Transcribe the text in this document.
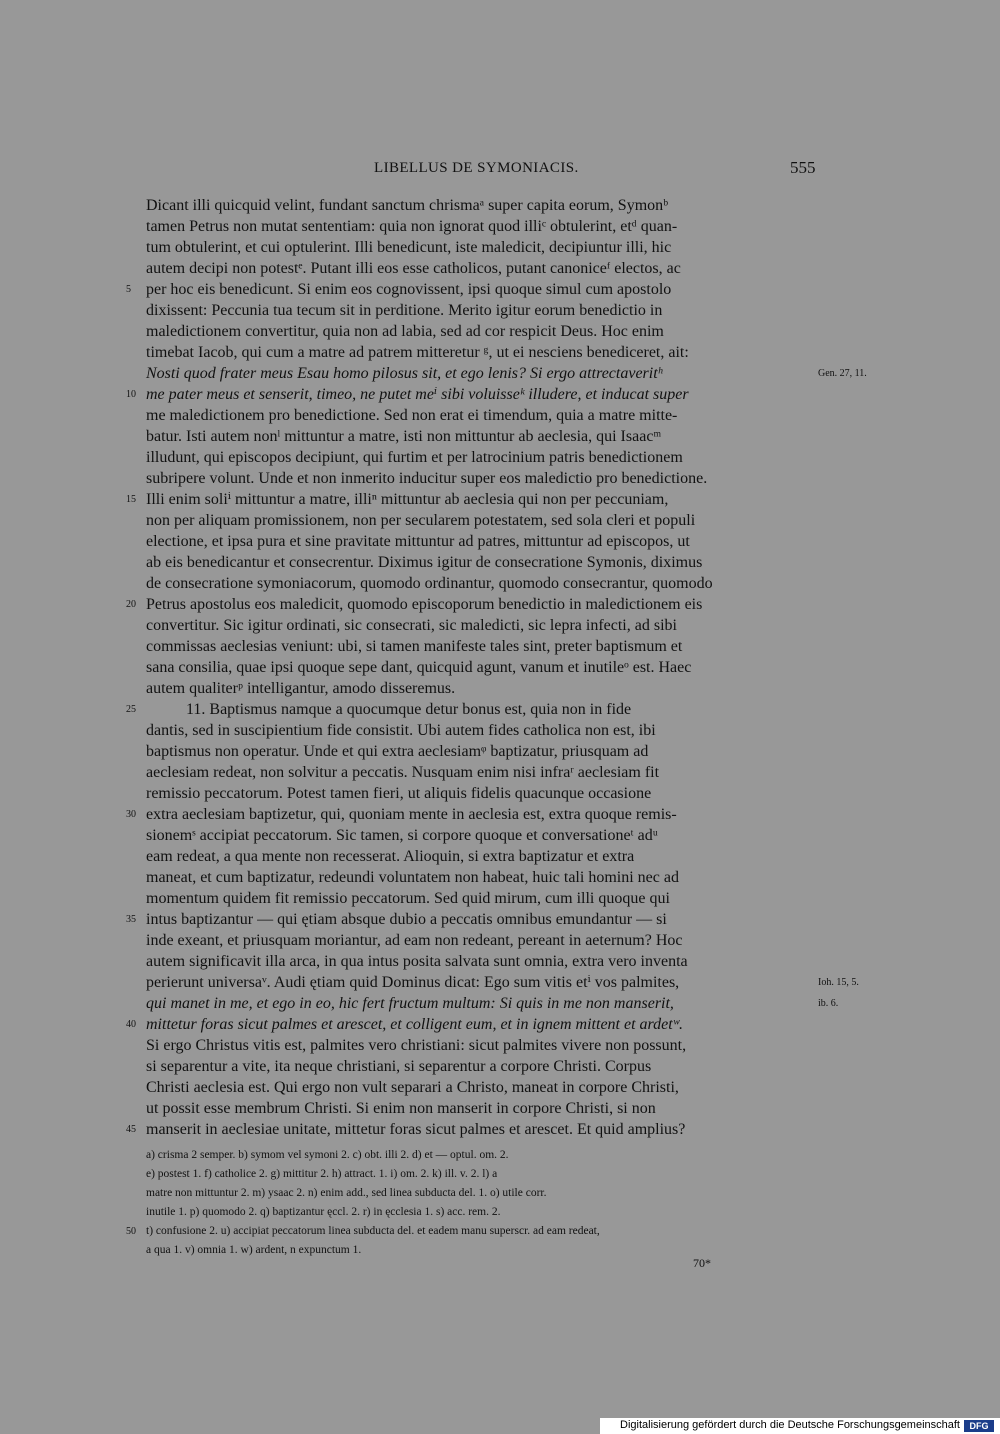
LIBELLUS DE SYMONIACIS.	555
Dicant illi quicquid velint, fundant sanctum chrismaᵃ super capita eorum, Symonᵇ
tamen Petrus non mutat sententiam: quia non ignorat quod illiᶜ obtulerint, etᵈ quan-
tum obtulerint, et cui optulerint. Illi benedicunt, iste maledicit, decipiuntur illi, hic
autem decipi non potestᵉ. Putant illi eos esse catholicos, putant canoniceᶠ electos, ac
per hoc eis benedicunt. Si enim eos cognovissent, ipsi quoque simul cum apostolo
dixissent: Peccunia tua tecum sit in perditione. Merito igitur eorum benedictio in
maledictionem convertitur, quia non ad labia, sed ad cor respicit Deus. Hoc enim
timebat Iacob, qui cum a matre ad patrem mitteretur ᵍ, ut ei nesciens benediceret, ait:
Nosti quod frater meus Esau homo pilosus sit, et ego lenis? Si ergo attrectaveritʰ
me pater meus et senserit, timeo, ne putet meⁱ sibi voluisseᵏ illudere, et inducat super
me maledictionem pro benedictione. Sed non erat ei timendum, quia a matre mitte-
batur. Isti autem nonˡ mittuntur a matre, isti non mittuntur ab aeclesia, qui Isaacᵐ
illudunt, qui episcopos decipiunt, qui furtim et per latrocinium patris benedictionem
subripere volunt. Unde et non inmerito inducitur super eos maledictio pro benedictione.
Illi enim soliⁱ mittuntur a matre, illiⁿ mittuntur ab aeclesia qui non per peccuniam,
non per aliquam promissionem, non per secularem potestatem, sed sola cleri et populi
electione, et ipsa pura et sine pravitate mittuntur ad patres, mittuntur ad episcopos, ut
ab eis benedicantur et consecrentur. Diximus igitur de consecratione Symonis, diximus
de consecratione symoniacorum, quomodo ordinantur, quomodo consecrantur, quomodo
Petrus apostolus eos maledicit, quomodo episcoporum benedictio in maledictionem eis
convertitur. Sic igitur ordinati, sic consecrati, sic maledicti, sic lepra infecti, ad sibi
commissas aeclesias veniunt: ubi, si tamen manifeste tales sint, preter baptismum et
sana consilia, quae ipsi quoque sepe dant, quicquid agunt, vanum et inutileᵒ est. Haec
autem qualiterᵖ intelligantur, amodo disseremus.
11. Baptismus namque a quocumque detur bonus est, quia non in fide
dantis, sed in suscipientium fide consistit. Ubi autem fides catholica non est, ibi
baptismus non operatur. Unde et qui extra aeclesiamᵠ baptizatur, priusquam ad
aeclesiam redeat, non solvitur a peccatis. Nusquam enim nisi infraʳ aeclesiam fit
remissio peccatorum. Potest tamen fieri, ut aliquis fidelis quacunque occasione
extra aeclesiam baptizetur, qui, quoniam mente in aeclesia est, extra quoque remis-
sionemˢ accipiat peccatorum. Sic tamen, si corpore quoque et conversationeᵗ adᵘ
eam redeat, a qua mente non recesserat. Alioquin, si extra baptizatur et extra
maneat, et cum baptizatur, redeundi voluntatem non habeat, huic tali homini nec ad
momentum quidem fit remissio peccatorum. Sed quid mirum, cum illi quoque qui
intus baptizantur — qui ętiam absque dubio a peccatis omnibus emundantur — si
inde exeant, et priusquam moriantur, ad eam non redeant, pereant in aeternum? Hoc
autem significavit illa arca, in qua intus posita salvata sunt omnia, extra vero inventa
perierunt universaᵛ. Audi ętiam quid Dominus dicat: Ego sum vitis etⁱ vos palmites,
qui manet in me, et ego in eo, hic fert fructum multum: Si quis in me non manserit,
mittetur foras sicut palmes et arescet, et colligent eum, et in ignem mittent et ardetʷ.
Si ergo Christus vitis est, palmites vero christiani: sicut palmites vivere non possunt,
si separentur a vite, ita neque christiani, si separentur a corpore Christi. Corpus
Christi aeclesia est. Qui ergo non vult separari a Christo, maneat in corpore Christi,
ut possit esse membrum Christi. Si enim non manserit in corpore Christi, si non
manserit in aeclesiae unitate, mittetur foras sicut palmes et arescet. Et quid amplius?
5
10
15
20
25
30
35
40
45
Gen. 27, 11.
Ioh. 15, 5.
ib. 6.
a) crisma 2 semper. b) symom vel symoni 2. c) obt. illi 2. d) et — optul. om. 2.
e) postest 1. f) catholice 2. g) mittitur 2. h) attract. 1. i) om. 2. k) ill. v. 2. l) a
matre non mittuntur 2. m) ysaac 2. n) enim add., sed linea subducta del. 1. o) utile corr.
inutile 1. p) quomodo 2. q) baptizantur ęccl. 2. r) in ęcclesia 1. s) acc. rem. 2.
t) confusione 2. u) accipiat peccatorum linea subducta del. et eadem manu superscr. ad eam redeat,
a qua 1. v) omnia 1. w) ardent, n expunctum 1.
50
70*
Digitalisierung gefördert durch die Deutsche Forschungsgemeinschaft	DFG
